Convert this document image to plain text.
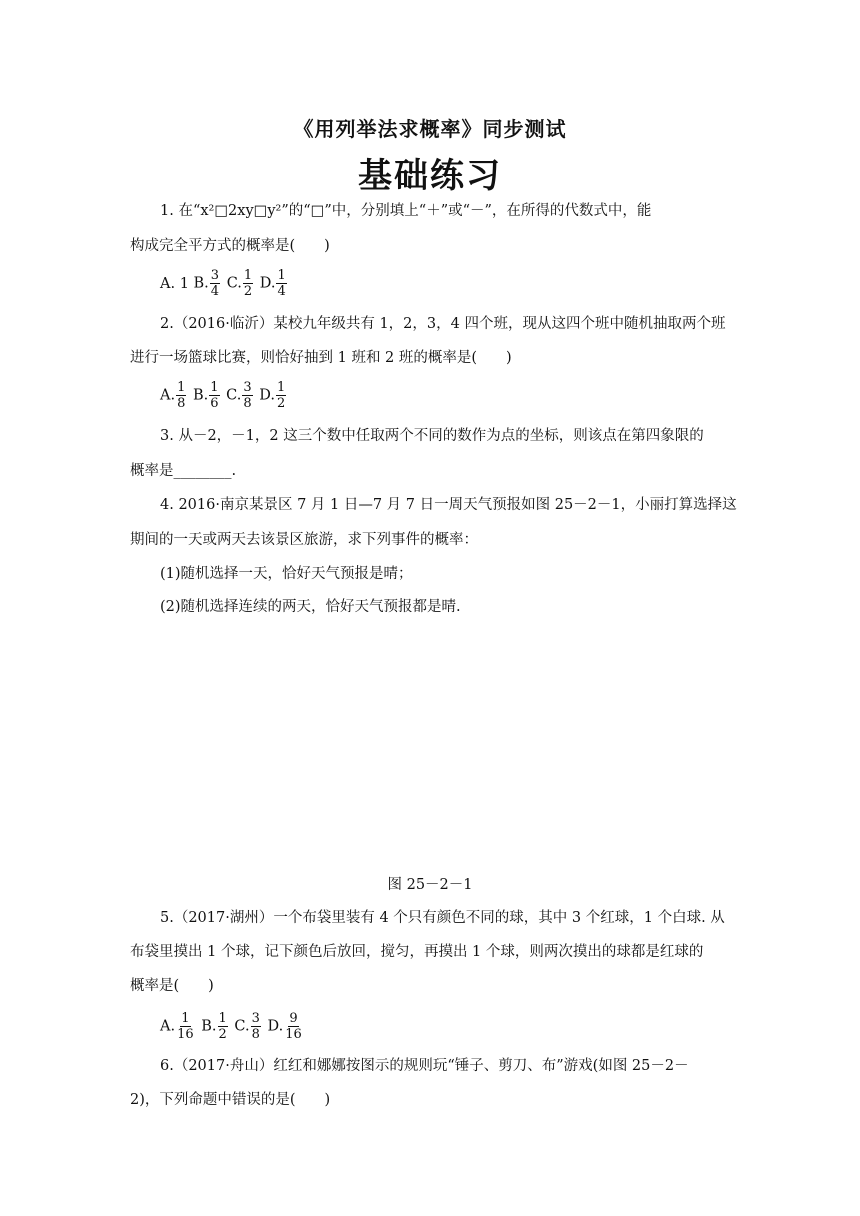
《用列举法求概率》同步测试
基础练习
1. 在“x²□2xy□y²”的“□”中，分别填上“＋”或“－”，在所得的代数式中，能
构成完全平方式的概率是(　　)
A. 1 B. $\frac{3}{4} C$. $\frac{1}{2} D$. $\frac{1}{4}$
2.（2016·临沂）某校九年级共有 1，2，3，4 四个班，现从这四个班中随机抽取两个班
进行一场篮球比赛，则恰好抽到 1 班和 2 班的概率是(　　)
A. $\frac{1}{8} B$. $\frac{1}{6} C$. $\frac{3}{8} D$. $\frac{1}{2}$
3. 从－2，－1，2 这三个数中任取两个不同的数作为点的坐标，则该点在第四象限的
概率是________.
4. 2016·南京某景区 7 月 1 日—7 月 7 日一周天气预报如图 25－2－1，小丽打算选择这
期间的一天或两天去该景区旅游，求下列事件的概率：
(1)随机选择一天，恰好天气预报是晴；
(2)随机选择连续的两天，恰好天气预报都是晴.
图 25－2－1
5.（2017·湖州）一个布袋里装有 4 个只有颜色不同的球，其中 3 个红球，1 个白球. 从
布袋里摸出 1 个球，记下颜色后放回，搅匀，再摸出 1 个球，则两次摸出的球都是红球的
概率是(　　)
A. $\frac{1}{16} B$. $\frac{1}{2} C$. $\frac{3}{8} D$. $\frac{9}{16}$
6.（2017·舟山）红红和娜娜按图示的规则玩“锤子、剪刀、布”游戏(如图 25－2－
2)，下列命题中错误的是(　　)
